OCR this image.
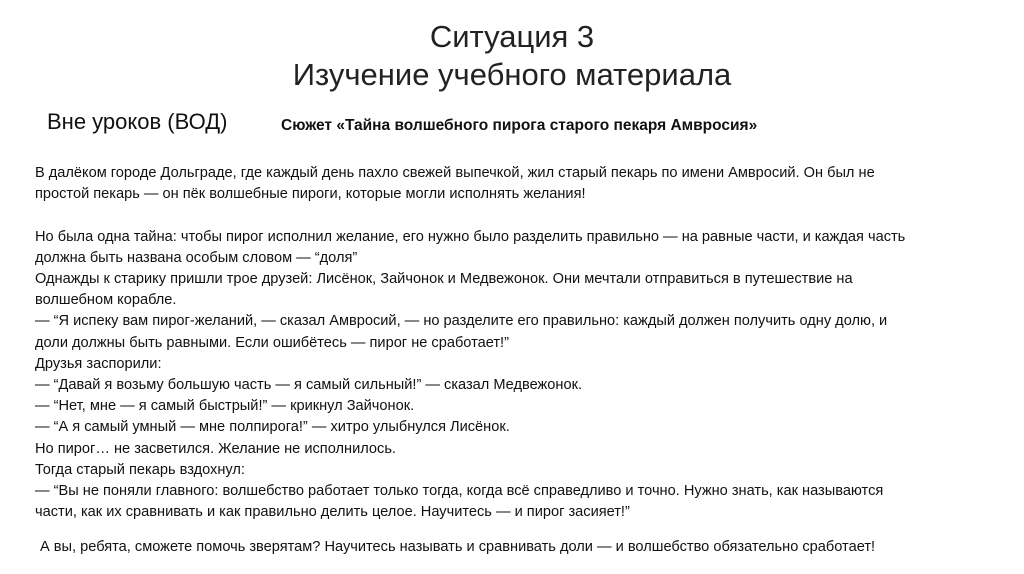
Ситуация 3
Изучение учебного материала
Вне уроков (ВОД)	Сюжет «Тайна волшебного пирога старого пекаря Амвросия»
В далёком городе Дольграде, где каждый день пахло свежей выпечкой, жил старый пекарь по имени Амвросий. Он был не
простой пекарь — он пёк волшебные пироги, которые могли исполнять желания!
Но была одна тайна: чтобы пирог исполнил желание, его нужно было разделить правильно — на равные части, и каждая часть
должна быть названа особым словом — “доля”
Однажды к старику пришли трое друзей: Лисёнок, Зайчонок и Медвежонок. Они мечтали отправиться в путешествие на
волшебном корабле.
— “Я испеку вам пирог-желаний, — сказал Амвросий, — но разделите его правильно: каждый должен получить одну долю, и
доли должны быть равными. Если ошибётесь — пирог не сработает!”
Друзья заспорили:
— “Давай я возьму большую часть — я самый сильный!” — сказал Медвежонок.
— “Нет, мне — я самый быстрый!” — крикнул Зайчонок.
— “А я самый умный — мне полпирога!” — хитро улыбнулся Лисёнок.
Но пирог… не засветился. Желание не исполнилось.
Тогда старый пекарь вздохнул:
— “Вы не поняли главного: волшебство работает только тогда, когда всё справедливо и точно. Нужно знать, как называются
части, как их сравнивать и как правильно делить целое. Научитесь — и пирог засияет!”
А вы, ребята, сможете помочь зверятам? Научитесь называть и сравнивать доли — и волшебство обязательно сработает!
